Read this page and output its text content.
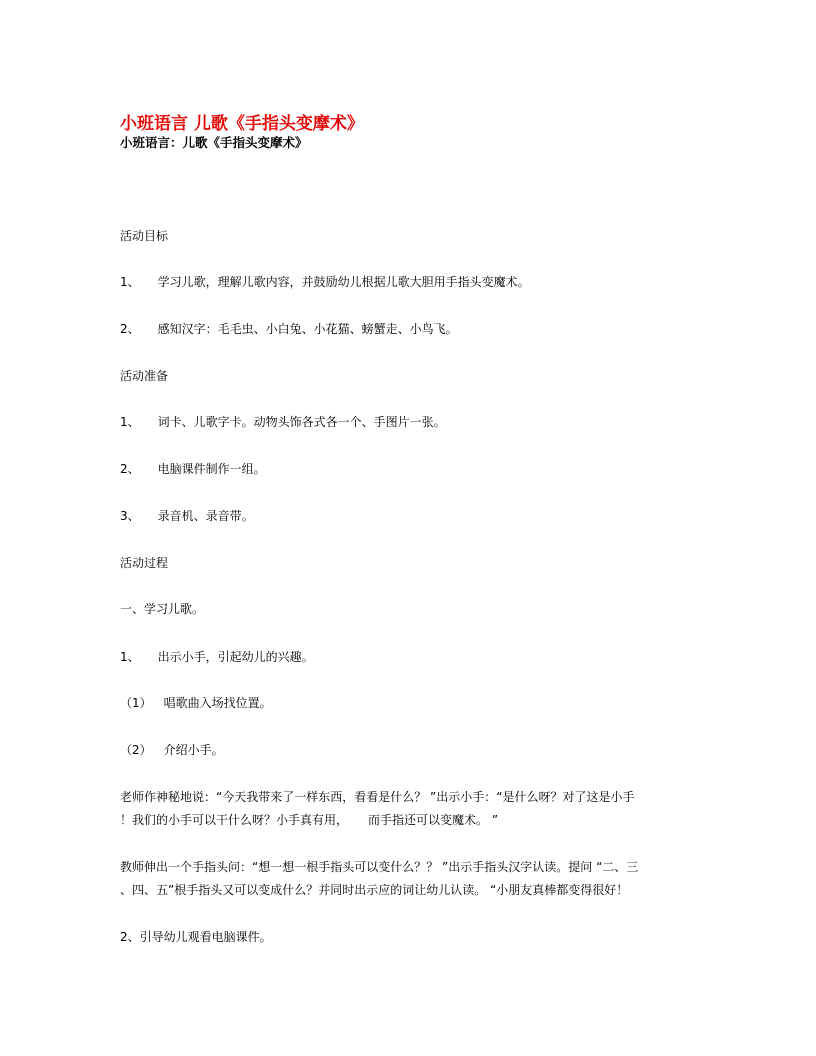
小班语言 儿歌《手指头变摩术》
小班语言：儿歌《手指头变摩术》
活动目标
1、 学习儿歌，理解儿歌内容，并鼓励幼儿根据儿歌大胆用手指头变魔术。
2、 感知汉字：毛毛虫、小白兔、小花猫、螃蟹走、小鸟飞。
活动准备
1、 词卡、儿歌字卡。动物头饰各式各一个、手图片一张。
2、 电脑课件制作一组。
3、 录音机、录音带。
活动过程
一、学习儿歌。
1、 出示小手，引起幼儿的兴趣。
（1） 唱歌曲入场找位置。
（2） 介绍小手。
老师作神秘地说：“今天我带来了一样东西，看看是什么？ ”出示小手：“是什么呀？对了这是小手
！我们的小手可以干什么呀？小手真有用， 而手指还可以变魔术。 ”
教师伸出一个手指头问：“想一想一根手指头可以变什么？？ ”出示手指头汉字认读。提问 “二、三
、四、五”根手指头又可以变成什么？并同时出示应的词让幼儿认读。 “小朋友真棒都变得很好！
2、引导幼儿观看电脑课件。
